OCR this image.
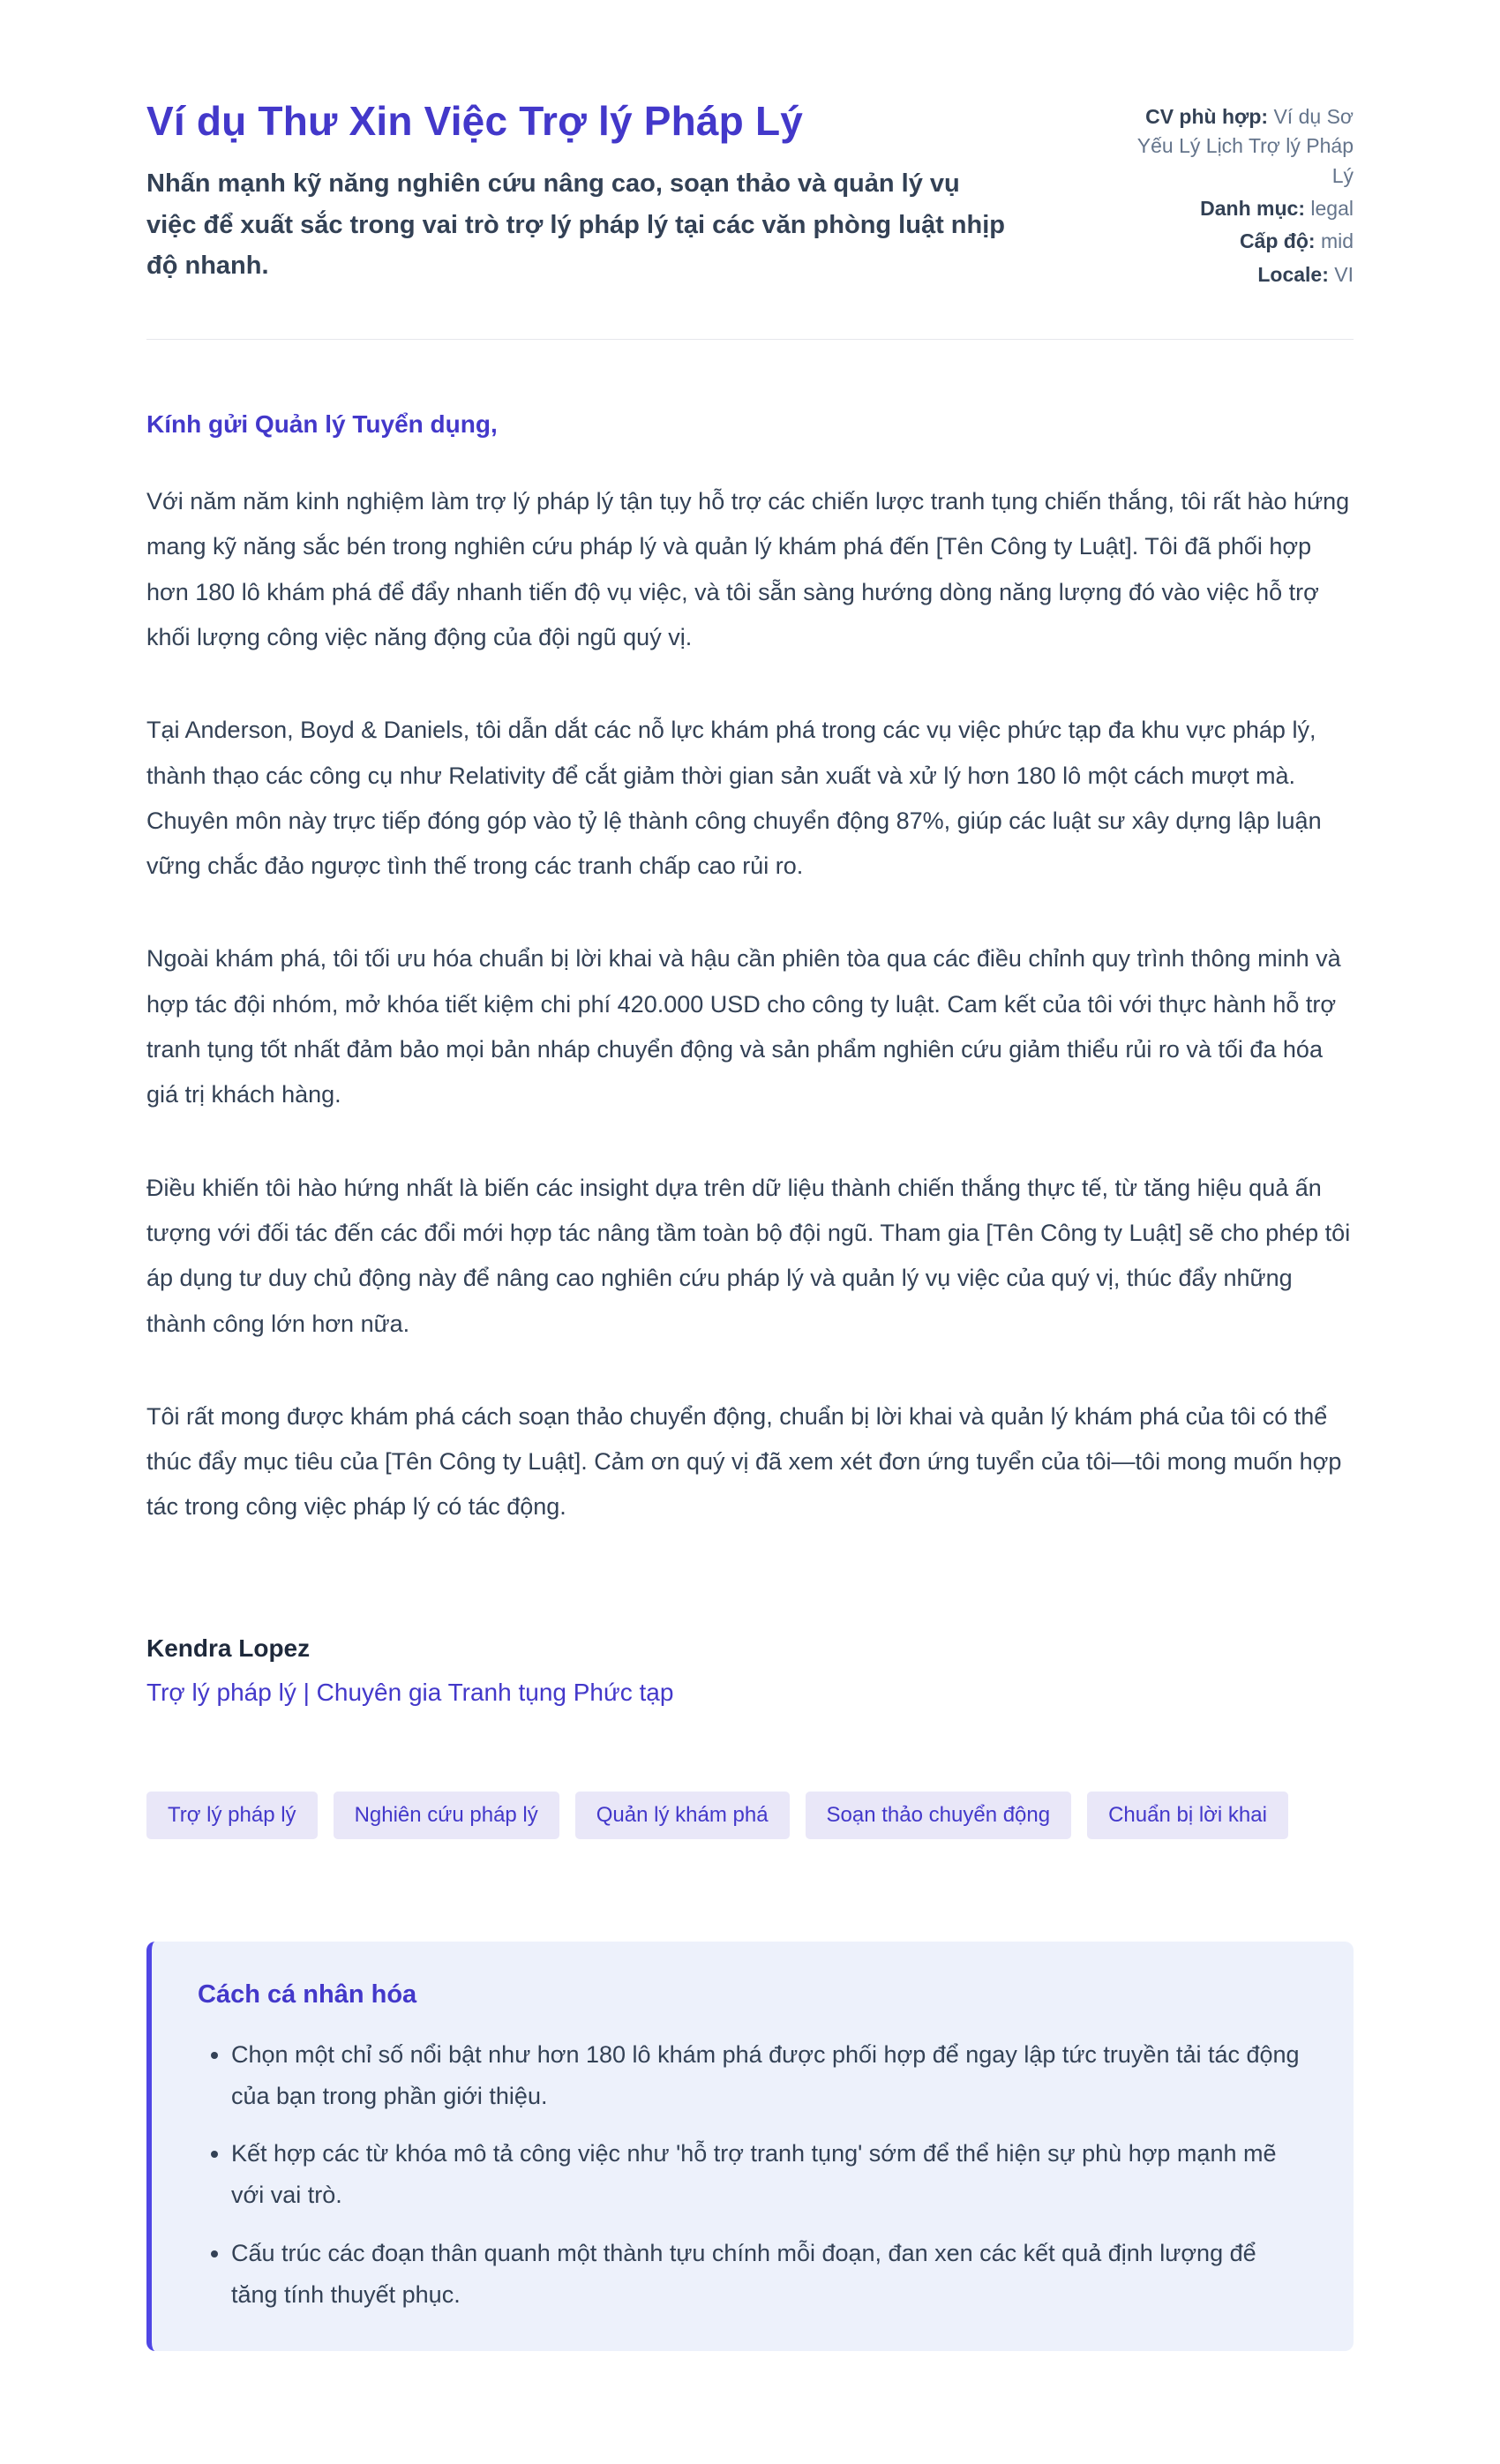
Ví dụ Thư Xin Việc Trợ lý Pháp Lý

Nhấn mạnh kỹ năng nghiên cứu nâng cao, soạn thảo và quản lý vụ việc để xuất sắc trong vai trò trợ lý pháp lý tại các văn phòng luật nhịp độ nhanh.

CV phù hợp: Ví dụ Sơ Yếu Lý Lịch Trợ lý Pháp Lý
Danh mục: legal
Cấp độ: mid
Locale: VI

Kính gửi Quản lý Tuyển dụng,

Với năm năm kinh nghiệm làm trợ lý pháp lý tận tụy hỗ trợ các chiến lược tranh tụng chiến thắng, tôi rất hào hứng mang kỹ năng sắc bén trong nghiên cứu pháp lý và quản lý khám phá đến [Tên Công ty Luật]. Tôi đã phối hợp hơn 180 lô khám phá để đẩy nhanh tiến độ vụ việc, và tôi sẵn sàng hướng dòng năng lượng đó vào việc hỗ trợ khối lượng công việc năng động của đội ngũ quý vị.

Tại Anderson, Boyd & Daniels, tôi dẫn dắt các nỗ lực khám phá trong các vụ việc phức tạp đa khu vực pháp lý, thành thạo các công cụ như Relativity để cắt giảm thời gian sản xuất và xử lý hơn 180 lô một cách mượt mà. Chuyên môn này trực tiếp đóng góp vào tỷ lệ thành công chuyển động 87%, giúp các luật sư xây dựng lập luận vững chắc đảo ngược tình thế trong các tranh chấp cao rủi ro.

Ngoài khám phá, tôi tối ưu hóa chuẩn bị lời khai và hậu cần phiên tòa qua các điều chỉnh quy trình thông minh và hợp tác đội nhóm, mở khóa tiết kiệm chi phí 420.000 USD cho công ty luật. Cam kết của tôi với thực hành hỗ trợ tranh tụng tốt nhất đảm bảo mọi bản nháp chuyển động và sản phẩm nghiên cứu giảm thiểu rủi ro và tối đa hóa giá trị khách hàng.

Điều khiến tôi hào hứng nhất là biến các insight dựa trên dữ liệu thành chiến thắng thực tế, từ tăng hiệu quả ấn tượng với đối tác đến các đổi mới hợp tác nâng tầm toàn bộ đội ngũ. Tham gia [Tên Công ty Luật] sẽ cho phép tôi áp dụng tư duy chủ động này để nâng cao nghiên cứu pháp lý và quản lý vụ việc của quý vị, thúc đẩy những thành công lớn hơn nữa.

Tôi rất mong được khám phá cách soạn thảo chuyển động, chuẩn bị lời khai và quản lý khám phá của tôi có thể thúc đẩy mục tiêu của [Tên Công ty Luật]. Cảm ơn quý vị đã xem xét đơn ứng tuyển của tôi—tôi mong muốn hợp tác trong công việc pháp lý có tác động.

Kendra Lopez
Trợ lý pháp lý | Chuyên gia Tranh tụng Phức tạp
Trợ lý pháp lý	Nghiên cứu pháp lý	Quản lý khám phá	Soạn thảo chuyển động	Chuẩn bị lời khai
Cách cá nhân hóa
• Chọn một chỉ số nổi bật như hơn 180 lô khám phá được phối hợp để ngay lập tức truyền tải tác động của bạn trong phần giới thiệu.
• Kết hợp các từ khóa mô tả công việc như 'hỗ trợ tranh tụng' sớm để thể hiện sự phù hợp mạnh mẽ với vai trò.
• Cấu trúc các đoạn thân quanh một thành tựu chính mỗi đoạn, đan xen các kết quả định lượng để tăng tính thuyết phục.
